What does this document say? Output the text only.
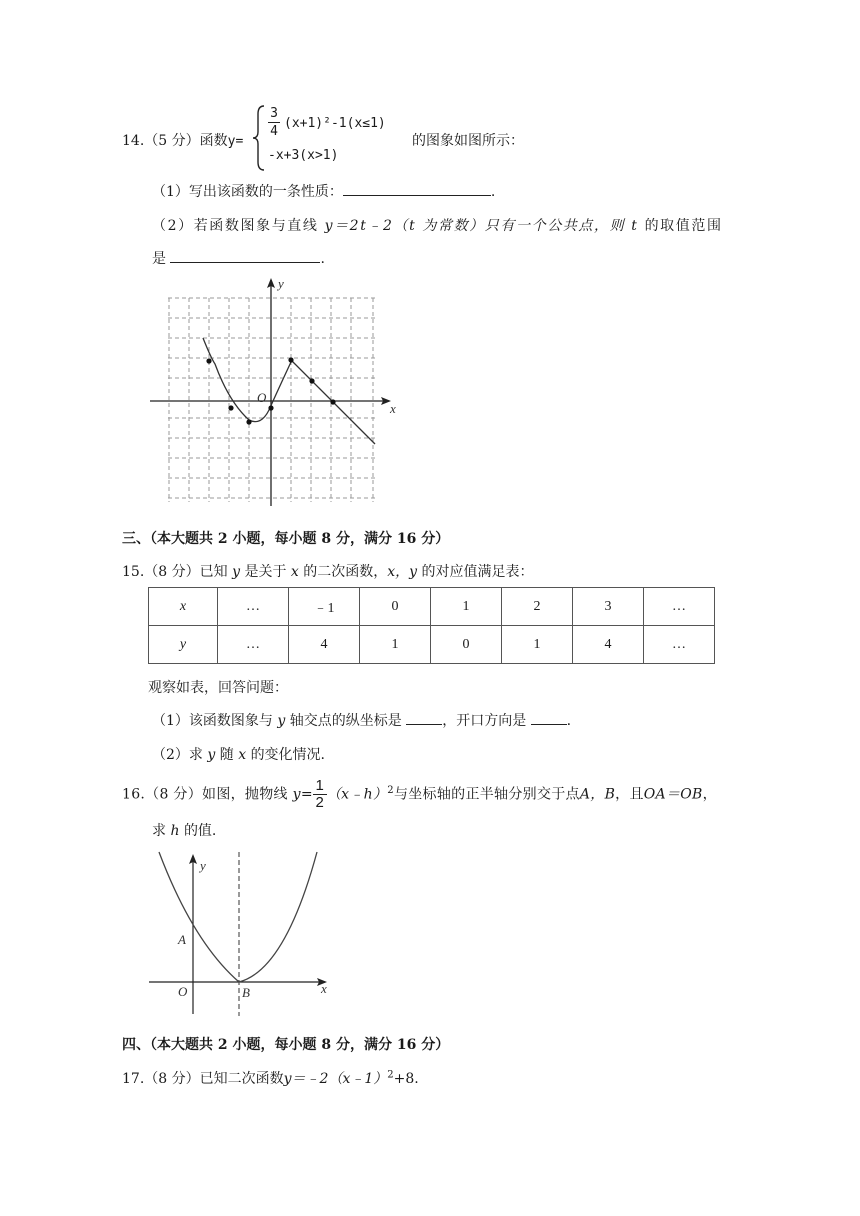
14.（5 分）函数y=
3
4
(x+1)²-1(x≤1)
-x+3(x>1)
的图象如图所示：
（1）写出该函数的一条性质：	.
（2）若函数图象与直线 y＝2t﹣2（t 为常数）只有一个公共点，则 t 的取值范围
是	.
x
y
O
三、（本大题共 2 小题，每小题 8 分，满分 16 分）
15.（8 分）已知 y 是关于 x 的二次函数，x，y 的对应值满足表：
x	…	﹣1	0	1	2	3	…
y	…	4	1	0	1	4	…
观察如表，回答问题：
（1）该函数图象与 y 轴交点的纵坐标是	，开口方向是	.
（2）求 y 随 x 的变化情况.
16.（8 分）如图，抛物线 $y= \frac{1}{2}$ （x﹣h）$^2$与坐标轴的正半轴分别交于点A，B，且OA＝OB，
求 h 的值.
x
y
A
O	B
四、（本大题共 2 小题，每小题 8 分，满分 16 分）
17.（8 分）已知二次函数y＝﹣2（x﹣1）$^2$+8.
